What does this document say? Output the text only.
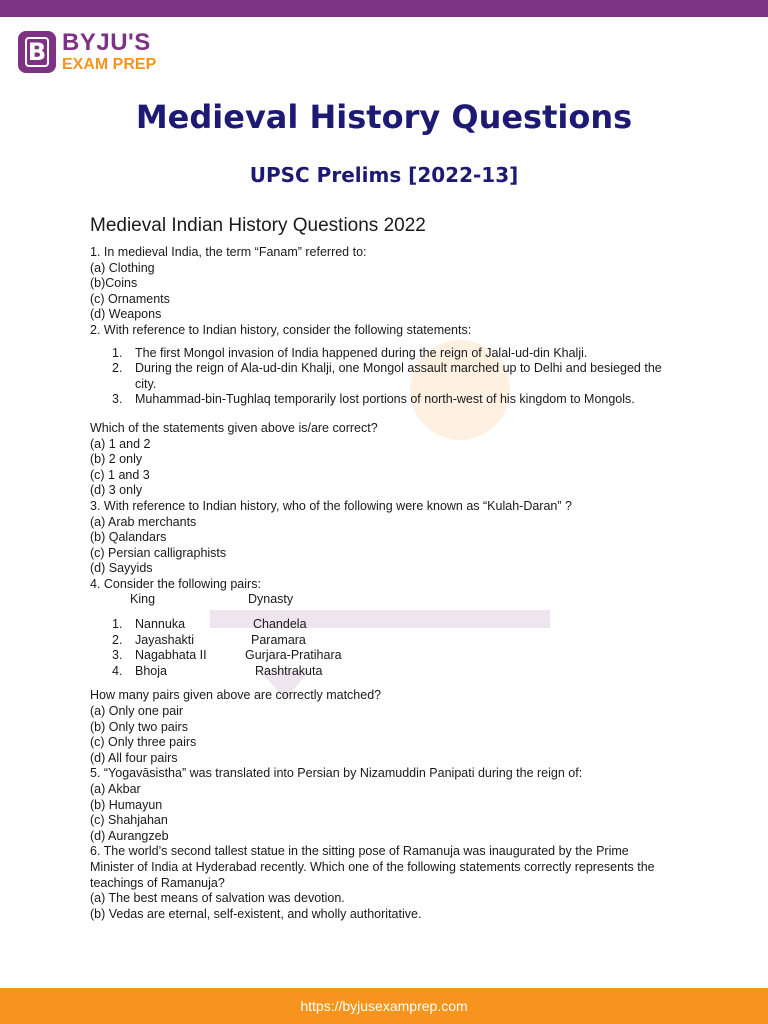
B BYJU'S
EXAM PREP
Medieval History Questions
UPSC Prelims [2022-13]
Medieval Indian History Questions 2022
1. In medieval India, the term “Fanam” referred to:
(a) Clothing
(b)Coins
(c) Ornaments
(d) Weapons
2. With reference to Indian history, consider the following statements:
1.	The first Mongol invasion of India happened during the reign of Jalal-ud-din Khalji.
2.	During the reign of Ala-ud-din Khalji, one Mongol assault marched up to Delhi and besieged the city.
3.	Muhammad-bin-Tughlaq temporarily lost portions of north-west of his kingdom to Mongols.
Which of the statements given above is/are correct?
(a) 1 and 2
(b) 2 only
(c) 1 and 3
(d) 3 only
3. With reference to Indian history, who of the following were known as “Kulah-Daran” ?
(a) Arab merchants
(b) Qalandars
(c) Persian calligraphists
(d) Sayyids
4. Consider the following pairs:
King	Dynasty
1.	Nannuka	Chandela
2.	Jayashakti	Paramara
3.	Nagabhata II	Gurjara-Pratihara
4.	Bhoja	Rashtrakuta
How many pairs given above are correctly matched?
(a) Only one pair
(b) Only two pairs
(c) Only three pairs
(d) All four pairs
5. “Yogavāsistha” was translated into Persian by Nizamuddin Panipati during the reign of:
(a) Akbar
(b) Humayun
(c) Shahjahan
(d) Aurangzeb
6. The world’s second tallest statue in the sitting pose of Ramanuja was inaugurated by the Prime Minister of India at Hyderabad recently. Which one of the following statements correctly represents the teachings of Ramanuja?
(a) The best means of salvation was devotion.
(b) Vedas are eternal, self-existent, and wholly authoritative.
https://byjusexamprep.com
